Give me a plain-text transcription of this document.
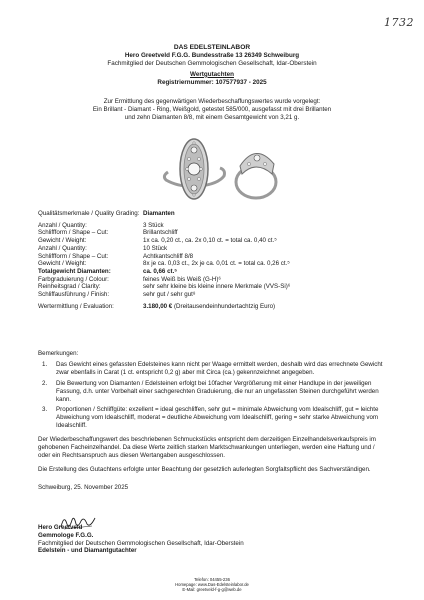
1732
DAS EDELSTEINLABOR
Hero Greetveld F.G.G. Bundesstraße 13 26349 Schweiburg
Fachmitglied der Deutschen Gemmologischen Gesellschaft, Idar-Oberstein
Wertgutachten
Registriernummer: 107577937 - 2025
Zur Ermittlung des gegenwärtigen Wiederbeschaffungswertes wurde vorgelegt:
Ein Brillant - Diamant - Ring, Weißgold, getestet 585/000, ausgefasst mit drei Brillanten
und zehn Diamanten 8/8, mit einem Gesamtgewicht von 3,21 g.
Qualitätsmerkmale / Quality Grading: Diamanten
Anzahl / Quantity:	3 Stück
Schliffform / Shape – Cut:	Brillantschliff
Gewicht / Weight:	1x ca. 0,20 ct., ca. 2x 0,10 ct. = total ca. 0,40 ct.⁵
Anzahl / Quantity:	10 Stück
Schliffform / Shape – Cut:	Achtkantschliff 8/8
Gewicht / Weight:	8x je ca. 0,03 ct., 2x je ca. 0,01 ct. = total ca. 0,26 ct.⁵
Totalgewicht Diamanten:	ca. 0,66 ct.⁵
Farbgraduierung / Colour:	feines Weiß bis Weiß (G-H)⁶
Reinheitsgrad / Clarity:	sehr sehr kleine bis kleine innere Merkmale (VVS-Si)⁶
Schliffausführung / Finish:	sehr gut / sehr gut⁸
Wertermittlung / Evaluation:	3.180,00 € (Dreitausendeinhundertachtzig Euro)
Bemerkungen:
1.	Das Gewicht eines gefassten Edelsteines kann nicht per Waage ermittelt werden, deshalb wird das errechnete Gewicht zwar ebenfalls in Carat (1 ct. entspricht 0,2 g) aber mit Circa (ca.) gekennzeichnet angegeben.
2.	Die Bewertung von Diamanten / Edelsteinen erfolgt bei 10facher Vergrößerung mit einer Handlupe in der jeweiligen Fassung, d.h. unter Vorbehalt einer sachgerechten Graduierung, die nur an ungefassten Steinen durchgeführt werden kann.
3.	Proportionen / Schliffgüte: exzellent = ideal geschliffen, sehr gut = minimale Abweichung vom Idealschliff, gut = leichte Abweichung vom Idealschliff, moderat = deutliche Abweichung vom Idealschliff, gering = sehr starke Abweichung vom Idealschliff.
Der Wiederbeschaffungswert des beschriebenen Schmuckstücks entspricht dem derzeitigen Einzelhandelsverkaufspreis im gehobenen Facheinzelhandel. Da diese Werte zeitlich starken Marktschwankungen unterliegen, werden eine Haftung und / oder ein Rechtsanspruch aus diesen Wertangaben ausgeschlossen.
Die Erstellung des Gutachtens erfolgte unter Beachtung der gesetzlich auferlegten Sorgfaltspflicht des Sachverständigen.
Schweiburg, 25. November 2025
Hero Greetveld
Gemmologe F.G.G.
Fachmitglied der Deutschen Gemmologischen Gesellschaft, Idar-Oberstein
Edelstein - und Diamantgutachter
Telefon: 04455-236
Homepage: www.Das-Edelsteinlabor.de
E-Mail: greetveld-f-g-g@web.de
